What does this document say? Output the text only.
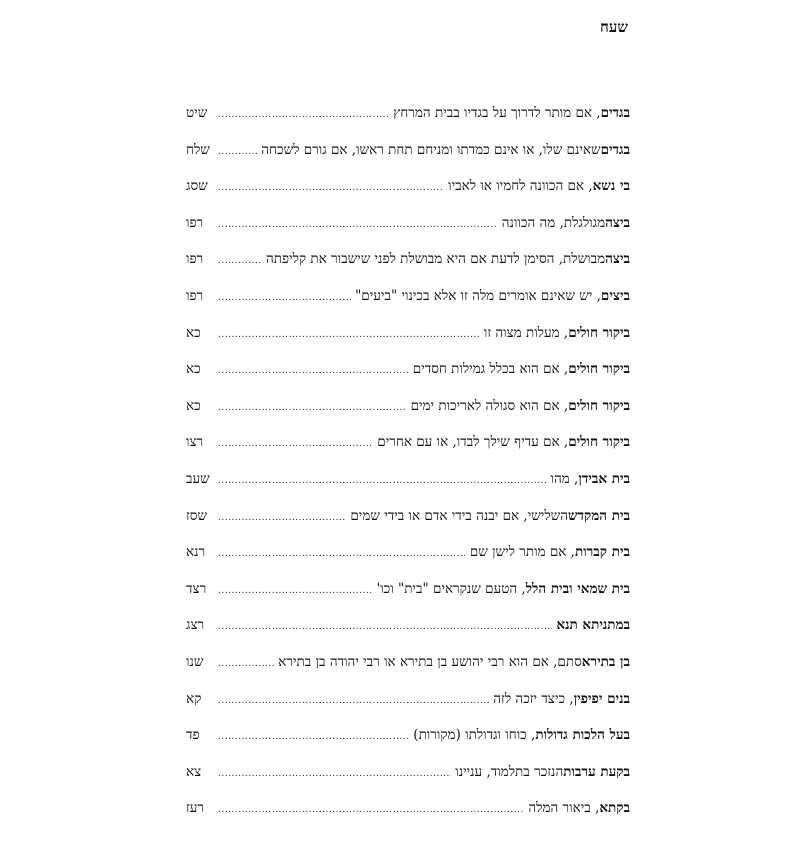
שעח
בגדים
, אם מותר לדרוך על בגדיו בבית המרחץ
.....
שיט
בגדים
שאינם שלו, או אינם כמדתו ומניחם תחת ראשו, אם גורם לשכחה
.....
שלח
בי נשא
, אם הכוונה לחמיו או לאביו
.....
שסג
ביצה
מגולגלת, מה הכוונה
.....
רפו
ביצה
מבושלת, הסימן לדעת אם היא מבושלת לפני שישבור את קליפתה
.....
רפו
ביצים
, יש שאינם אומרים מלה זו אלא בכינוי "ביעים"
.....
רפו
ביקור חולים
, מעלות מצוה זו
.....
כא
ביקור חולים
, אם הוא בכלל גמילות חסדים
.....
כא
ביקור חולים
, אם הוא סגולה לאריכות ימים
.....
כא
ביקור חולים
, אם עדיף שילך לבדו, או עם אחרים
.....
רצו
בית אבידן
, מהו
.....
שעב
בית המקדש
השלישי, אם יבנה בידי אדם או בידי שמים
.....
שסז
בית קברות
, אם מותר לישן שם
.....
רנא
בית שמאי ובית הלל
, הטעם שנקראים "בית" וכו'
.....
רצד
במתניתא תנא
.....
רצג
בן בתירא
סתם, אם הוא רבי יהושע בן בתירא או רבי יהודה בן בתירא
.....
שנו
בנים יפיפין
, כיצד יזכה לזה
.....
קא
בעל הלכות גדולות
, כוחו וגדולתו (מקורות)
.....
פד
בקעת ערבות
הנזכר בתלמוד, עניינו
.....
צא
בקתא
, ביאור המלה
.....
רעז
